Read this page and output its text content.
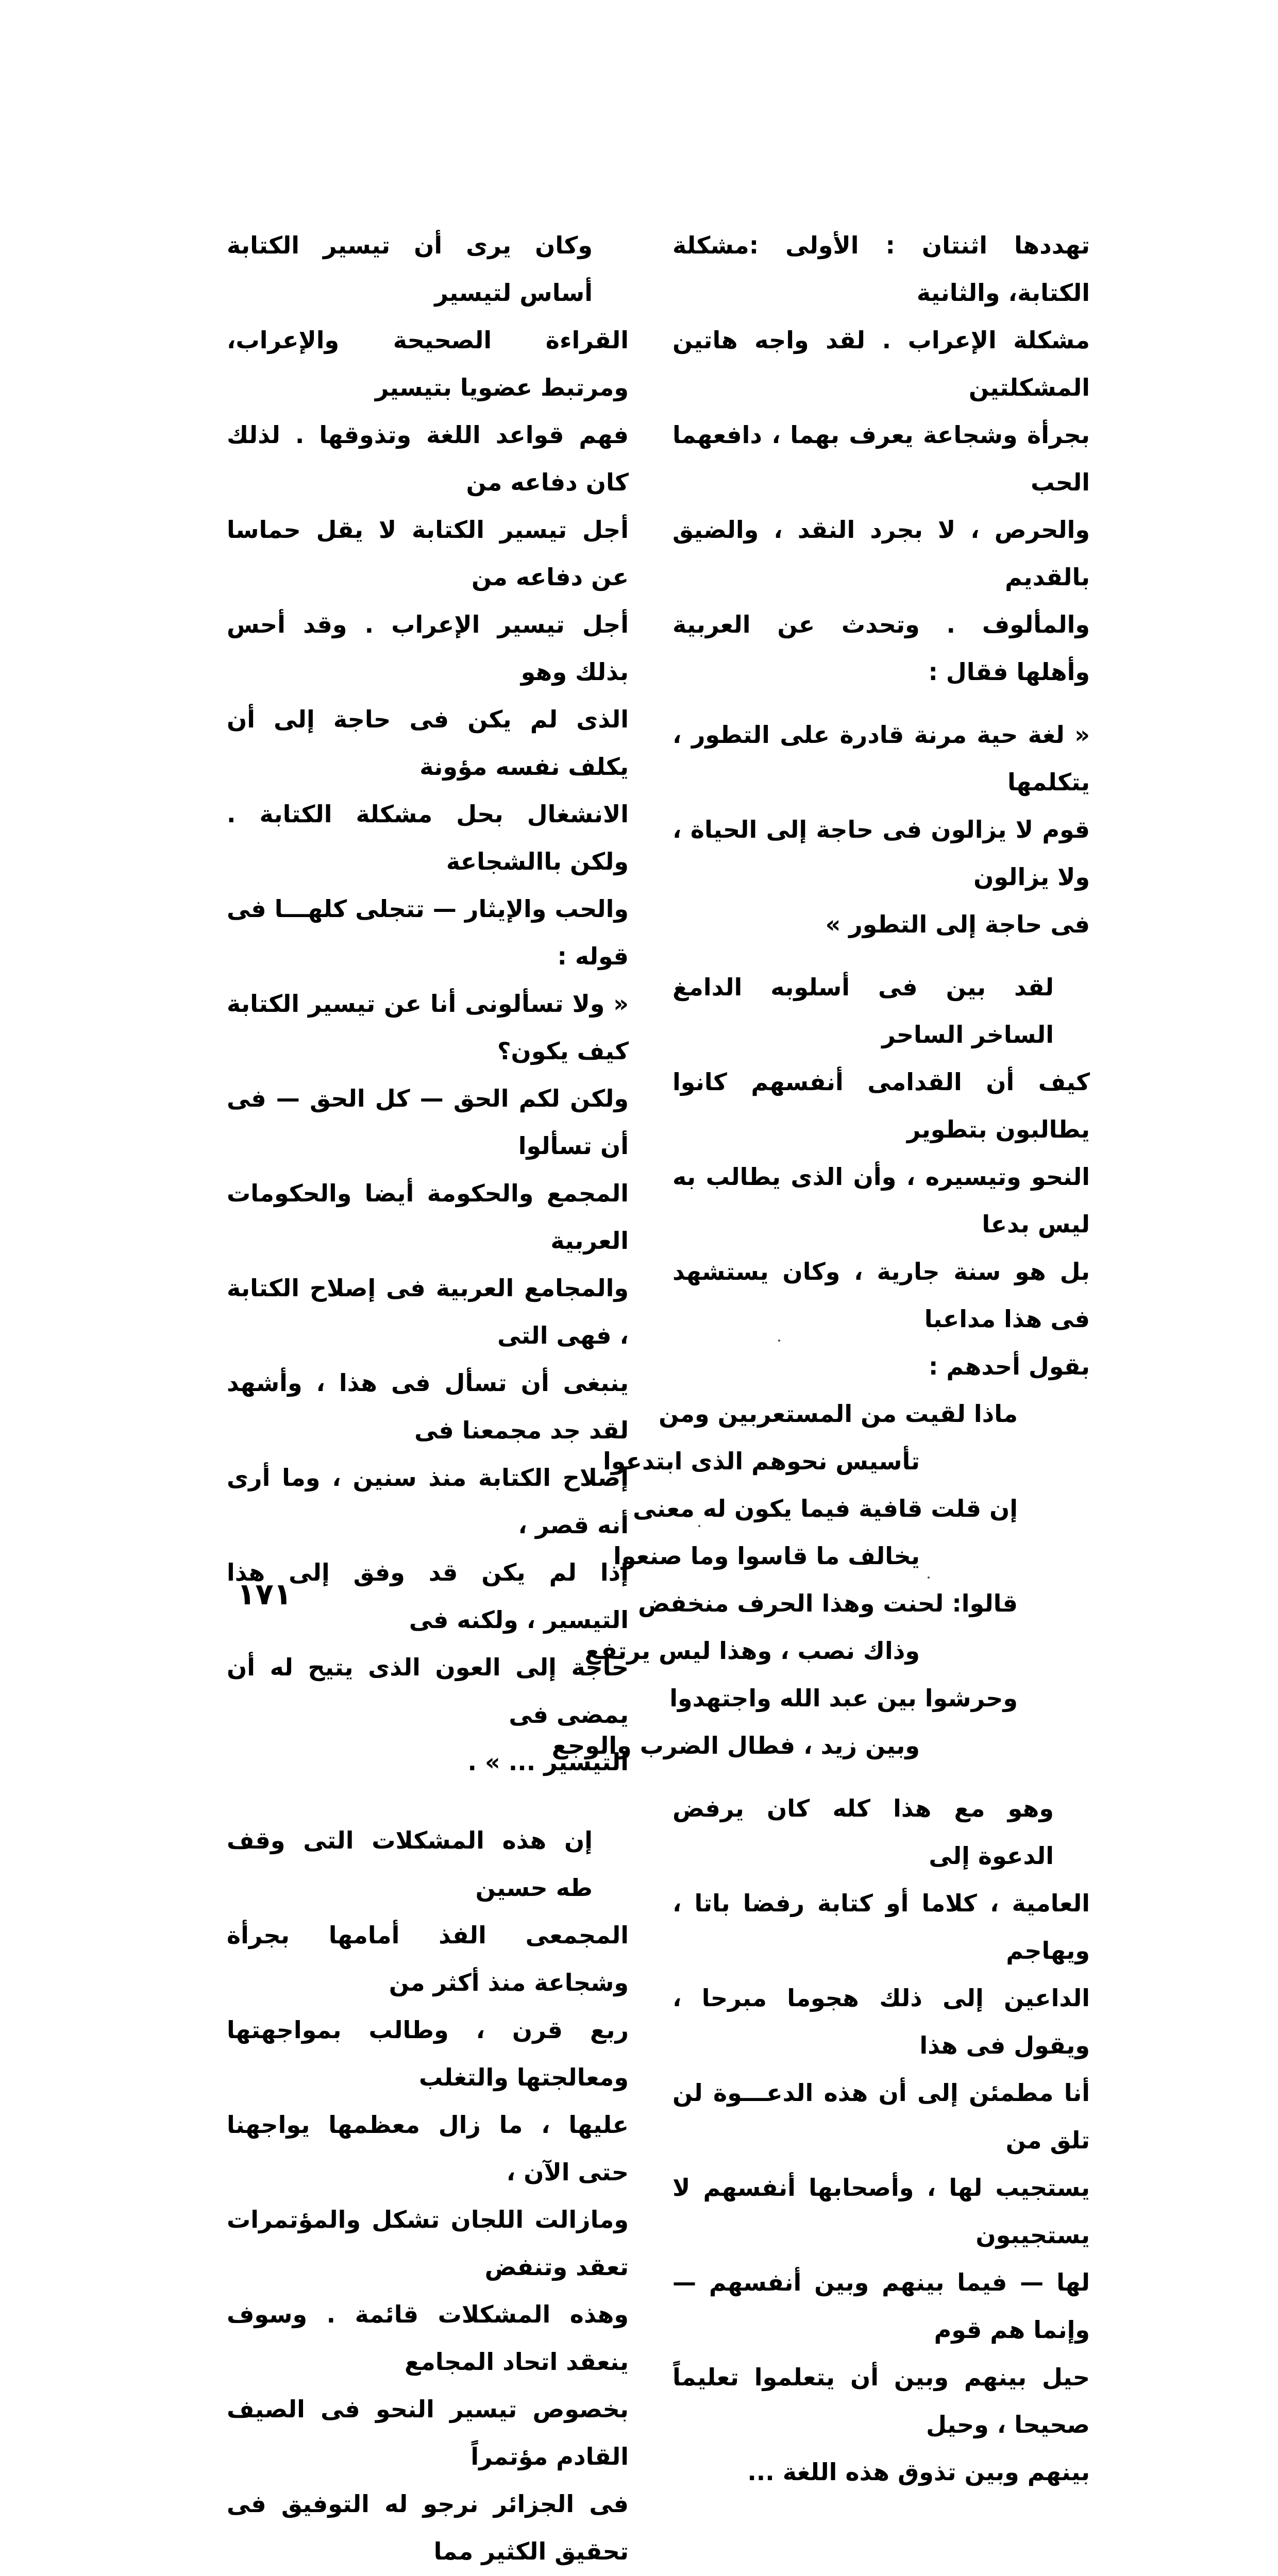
تهددها اثنتان : الأولى :مشكلة الكتابة، والثانية
مشكلة الإعراب . لقد واجه هاتين المشكلتين
بجرأة وشجاعة يعرف بهما ، دافعهما الحب
والحرص ، لا بجرد النقد ، والضيق بالقديم
والمألوف . وتحدث عن العربية وأهلها فقال :
« لغة حية مرنة قادرة على التطور ، يتكلمها
قوم لا يزالون فى حاجة إلى الحياة ، ولا يزالون
فى حاجة إلى التطور »
لقد بين فى أسلوبه الدامغ الساخر الساحر
كيف أن القدامى أنفسهم كانوا يطالبون بتطوير
النحو وتيسيره ، وأن الذى يطالب به ليس بدعا
بل هو سنة جارية ، وكان يستشهد فى هذا مداعبا
بقول أحدهم :
ماذا لقيت من المستعربين ومن
تأسيس نحوهم الذى ابتدعوا
إن قلت قافية فيما يكون له معنى
يخالف ما قاسوا وما صنعوا
قالوا: لحنت وهذا الحرف منخفض
وذاك نصب ، وهذا ليس يرتفع
وحرشوا بين عبد الله واجتهدوا
وبين زيد ، فطال الضرب والوجع
وهو مع هذا كله كان يرفض الدعوة إلى
العامية ، كلاما أو كتابة رفضا باتا ، ويهاجم
الداعين إلى ذلك هجوما مبرحا ، ويقول فى هذا
أنا مطمئن إلى أن هذه الدعـــوة لن تلق من
يستجيب لها ، وأصحابها أنفسهم لا يستجيبون
لها — فيما بينهم وبين أنفسهم — وإنما هم قوم
حيل بينهم وبين أن يتعلموا تعليماً صحيحا ، وحيل
بينهم وبين تذوق هذه اللغة ...
وكان يرى أن تيسير الكتابة أساس لتيسير
القراءة الصحيحة والإعراب، ومرتبط عضويا بتيسير
فهم قواعد اللغة وتذوقها . لذلك كان دفاعه من
أجل تيسير الكتابة لا يقل حماسا عن دفاعه من
أجل تيسير الإعراب . وقد أحس بذلك وهو
الذى لم يكن فى حاجة إلى أن يكلف نفسه مؤونة
الانشغال بحل مشكلة الكتابة . ولكن باالشجاعة
والحب والإيثار — تتجلى كلهـــا فى قوله :
« ولا تسألونى أنا عن تيسير الكتابة كيف يكون؟
ولكن لكم الحق — كل الحق — فى أن تسألوا
المجمع والحكومة أيضا والحكومات العربية
والمجامع العربية فى إصلاح الكتابة ، فهى التى
ينبغى أن تسأل فى هذا ، وأشهد لقد جد مجمعنا فى
إصلاح الكتابة منذ سنين ، وما أرى أنه قصر ،
إذا لم يكن قد وفق إلى هذا التيسير ، ولكنه فى
حاجة إلى العون الذى يتيح له أن يمضى فى
التيسير ... » .
إن هذه المشكلات التى وقف طه حسين
المجمعى الفذ أمامها بجرأة وشجاعة منذ أكثر من
ربع قرن ، وطالب بمواجهتها ومعالجتها والتغلب
عليها ، ما زال معظمها يواجهنا حتى الآن ،
ومازالت اللجان تشكل والمؤتمرات تعقد وتنفض
وهذه المشكلات قائمة . وسوف ينعقد اتحاد المجامع
بخصوص تيسير النحو فى الصيف القادم مؤتمراً
فى الجزائر نرجو له التوفيق فى تحقيق الكثير مما
١٧١
